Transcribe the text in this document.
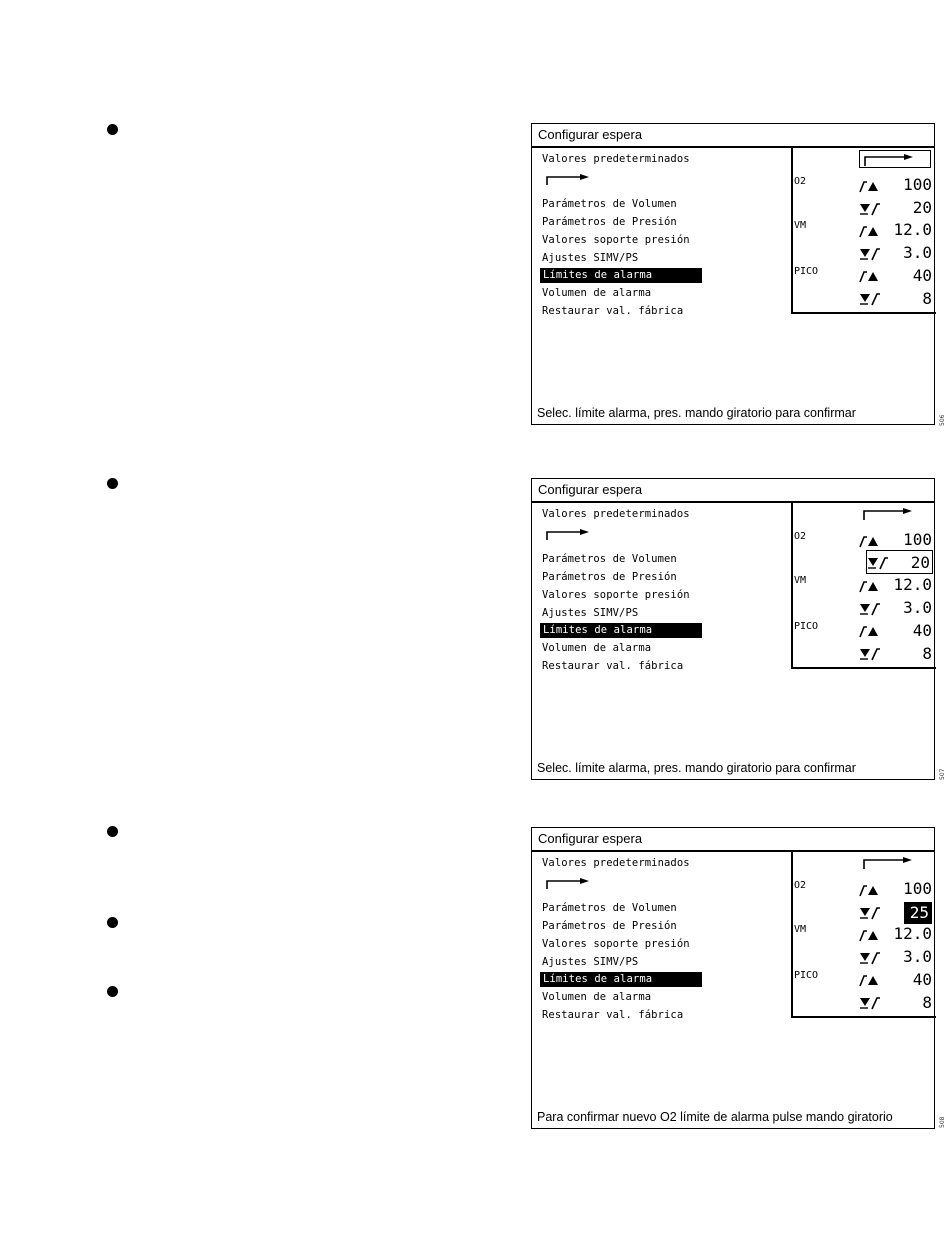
Configurar espera
Valores predeterminados
Parámetros de Volumen
Parámetros de Presión
Valores soporte presión
Ajustes SIMV/PS
Límites de alarma
Volumen de alarma
Restaurar val. fábrica
O2	100
20
VM	12.0
3.0
PICO	40
8
Selec. límite alarma, pres. mando giratorio para confirmar
506
Configurar espera
Valores predeterminados
Parámetros de Volumen
Parámetros de Presión
Valores soporte presión
Ajustes SIMV/PS
Límites de alarma
Volumen de alarma
Restaurar val. fábrica
O2	100
20
VM	12.0
3.0
PICO	40
8
Selec. límite alarma, pres. mando giratorio para confirmar	507
Configurar espera
Valores predeterminados
Parámetros de Volumen
Parámetros de Presión
Valores soporte presión
Ajustes SIMV/PS
Límites de alarma
Volumen de alarma
Restaurar val. fábrica
O2	100
25
VM	12.0
3.0
PICO	40
8
Para confirmar nuevo O2 límite de alarma pulse mando giratorio	508
